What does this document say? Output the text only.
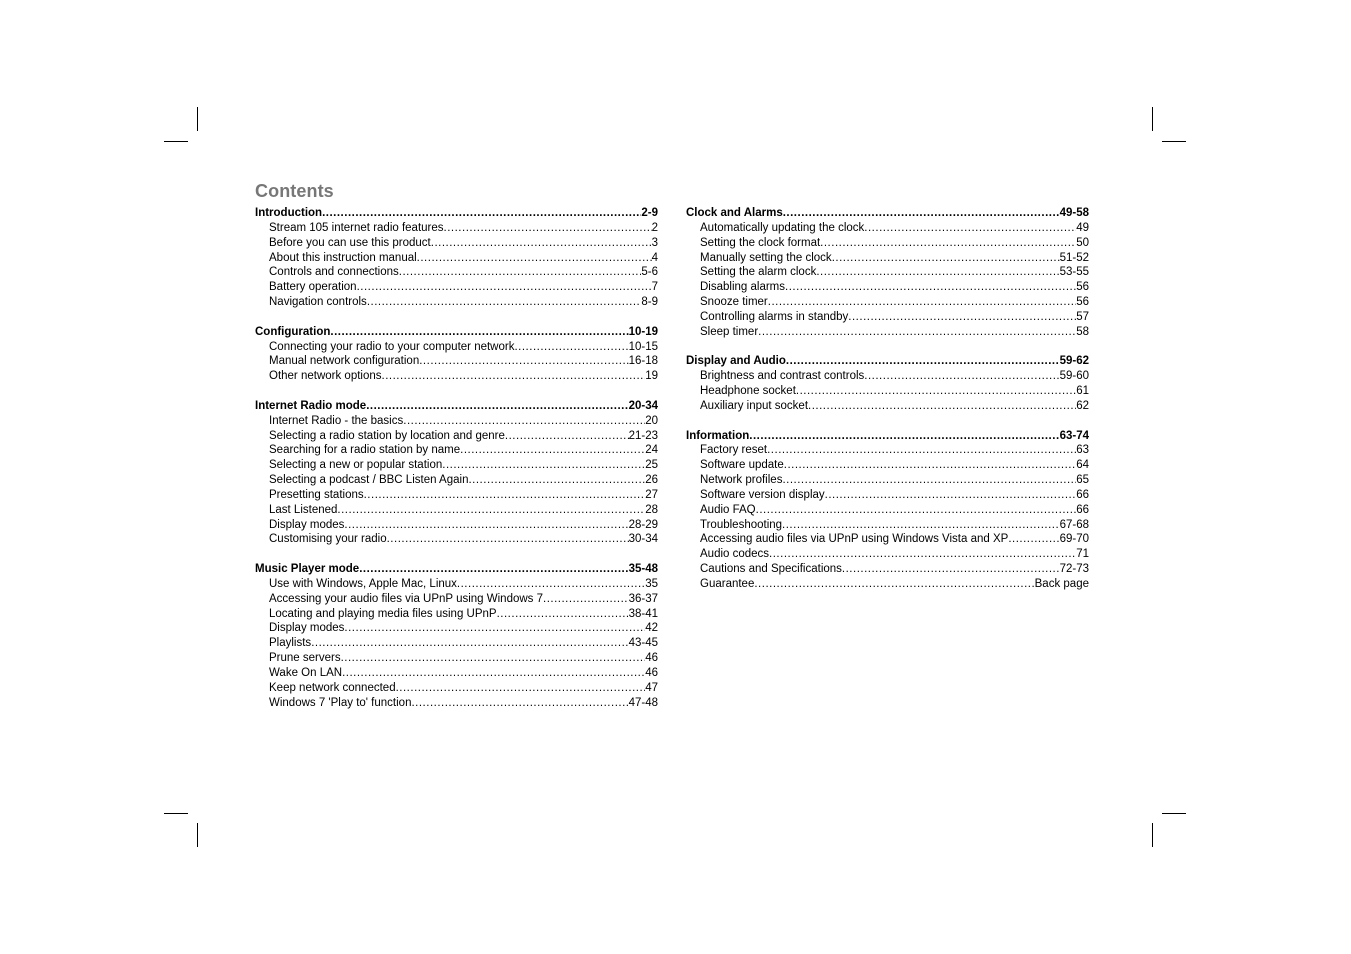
Contents
Introduction .....	2-9
Stream 105 internet radio features .....	2
Before you can use this product .....	3
About this instruction manual .....	4
Controls and connections .....	5-6
Battery operation .....	7
Navigation controls .....	8-9
Configuration .....	10-19
Connecting your radio to your computer network .....	10-15
Manual network configuration .....	16-18
Other network options .....	19
Internet Radio mode .....	20-34
Internet Radio - the basics .....	20
Selecting a radio station by location and genre .....	21-23
Searching for a radio station by name .....	24
Selecting a new or popular station .....	25
Selecting a podcast / BBC Listen Again .....	26
Presetting stations .....	27
Last Listened .....	28
Display modes .....	28-29
Customising your radio .....	30-34
Music Player mode .....	35-48
Use with Windows, Apple Mac, Linux .....	35
Accessing your audio files via UPnP using Windows 7 .....	36-37
Locating and playing media files using UPnP .....	38-41
Display modes .....	42
Playlists .....	43-45
Prune servers .....	46
Wake On LAN .....	46
Keep network connected .....	47
Windows 7 'Play to' function .....	47-48
Clock and Alarms .....	49-58
Automatically updating the clock .....	49
Setting the clock format .....	50
Manually setting the clock .....	51-52
Setting the alarm clock .....	53-55
Disabling alarms .....	56
Snooze timer .....	56
Controlling alarms in standby .....	57
Sleep timer .....	58
Display and Audio .....	59-62
Brightness and contrast controls .....	59-60
Headphone socket .....	61
Auxiliary input socket .....	62
Information .....	63-74
Factory reset .....	63
Software update .....	64
Network profiles .....	65
Software version display .....	66
Audio FAQ .....	66
Troubleshooting .....	67-68
Accessing audio files via UPnP using Windows Vista and XP .....	69-70
Audio codecs .....	71
Cautions and Specifications .....	72-73
Guarantee .....	Back page
